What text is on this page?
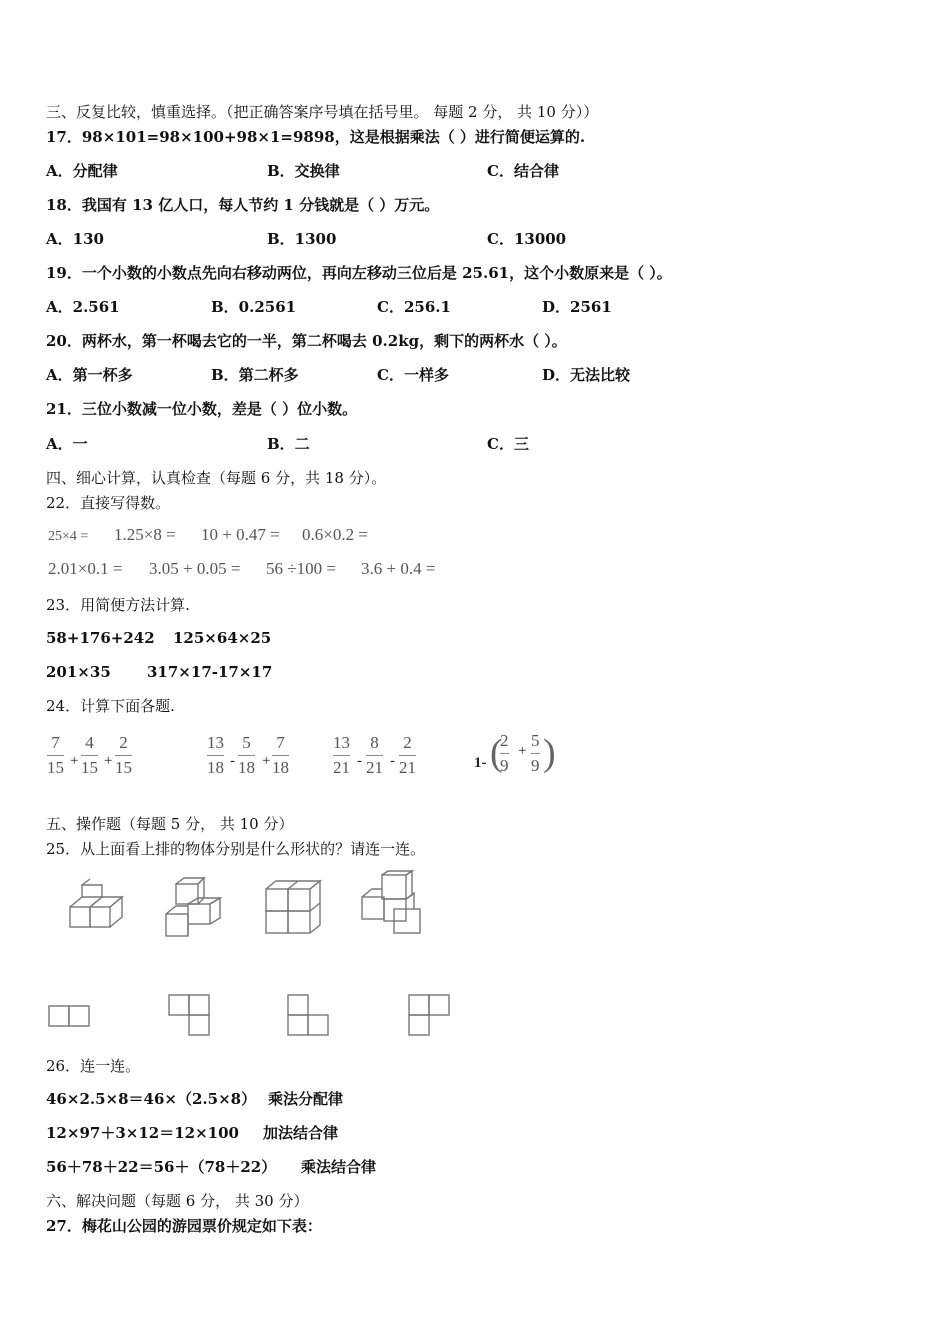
三、反复比较，慎重选择。（把正确答案序号填在括号里。 每题 2 分， 共 10 分））
17．98×101=98×100+98×1=9898，这是根据乘法（ ）进行简便运算的.
A．分配律	B．交换律	C．结合律
18．我国有 13 亿人口，每人节约 1 分钱就是（ ）万元。
A．130	B．1300	C．13000
19．一个小数的小数点先向右移动两位，再向左移动三位后是 25.61，这个小数原来是（ ）。
A．2.561	B．0.2561	C．256.1	D．2561
20．两杯水，第一杯喝去它的一半，第二杯喝去 0.2kg，剩下的两杯水（ ）。
A．第一杯多	B．第二杯多	C．一样多	D．无法比较
21．三位小数减一位小数，差是（ ）位小数。
A．一	B．二	C．三
四、细心计算，认真检查（每题 6 分，共 18 分）。
22．直接写得数。
25×4 = 1.25×8 = 10 + 0.47 = 0.6×0.2 =
2.01×0.1 = 3.05 + 0.05 = 56 ÷100 = 3.6 + 0.4 =
23．用简便方法计算.
58+176+242 125×64×25
201×35 317×17-17×17
24．计算下面各题.
7
15 +
4
15 +
2
15
13
18 -
5
18 +
7
18
13
21 -
8
21 -
2
21	1- (
2
9
+
5
9 )
五、操作题（每题 5 分， 共 10 分）
25．从上面看上排的物体分别是什么形状的？请连一连。
26．连一连。
46×2.5×8＝46×（2.5×8） 乘法分配律
12×97＋3×12＝12×100 加法结合律
56＋78＋22＝56＋（78＋22） 乘法结合律
六、解决问题（每题 6 分， 共 30 分）
27．梅花山公园的游园票价规定如下表：
